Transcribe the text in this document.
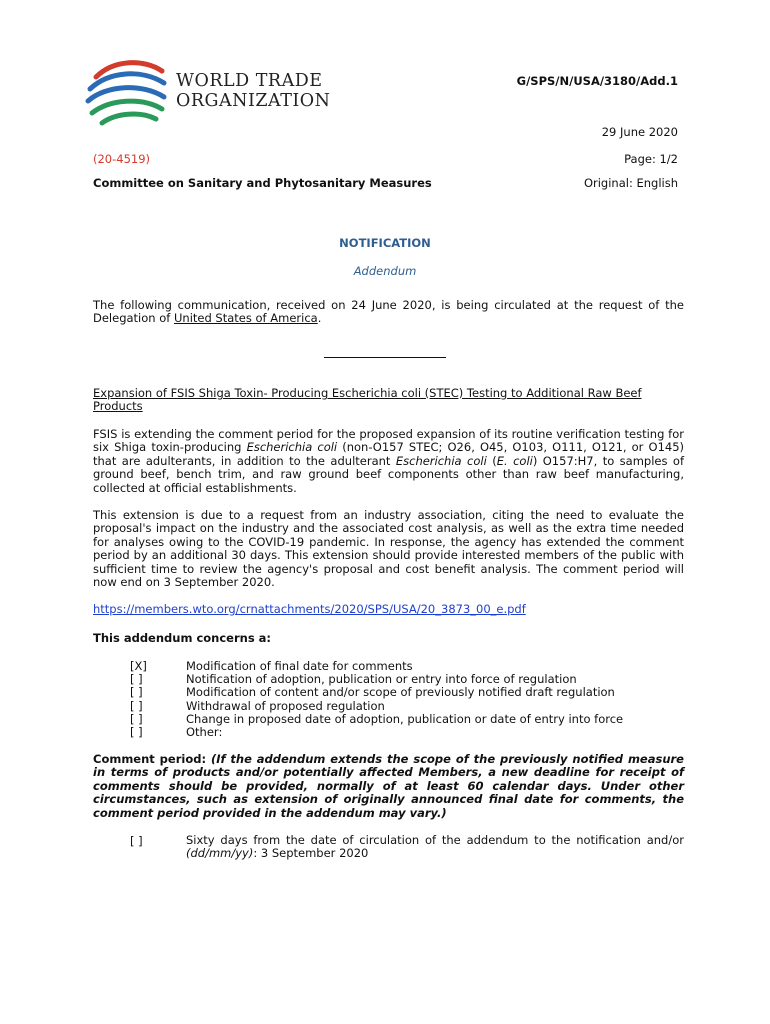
WORLD TRADE
ORGANIZATION
G/SPS/N/USA/3180/Add.1
29 June 2020
(20-4519)	Page: 1/2
Committee on Sanitary and Phytosanitary Measures	Original: English
NOTIFICATION
Addendum
The following communication, received on 24 June 2020, is being circulated at the request of the Delegation of United States of America.
Expansion of FSIS Shiga Toxin- Producing Escherichia coli (STEC) Testing to Additional Raw Beef Products
FSIS is extending the comment period for the proposed expansion of its routine verification testing for six Shiga toxin-producing Escherichia coli (non-O157 STEC; O26, O45, O103, O111, O121, or O145) that are adulterants, in addition to the adulterant Escherichia coli (E. coli) O157:H7, to samples of ground beef, bench trim, and raw ground beef components other than raw beef manufacturing, collected at official establishments.
This extension is due to a request from an industry association, citing the need to evaluate the proposal's impact on the industry and the associated cost analysis, as well as the extra time needed for analyses owing to the COVID-19 pandemic. In response, the agency has extended the comment period by an additional 30 days. This extension should provide interested members of the public with sufficient time to review the agency's proposal and cost benefit analysis. The comment period will now end on 3 September 2020.
https://members.wto.org/crnattachments/2020/SPS/USA/20_3873_00_e.pdf
This addendum concerns a:
[X]	Modification of final date for comments
[ ]	Notification of adoption, publication or entry into force of regulation
[ ]	Modification of content and/or scope of previously notified draft regulation
[ ]	Withdrawal of proposed regulation
[ ]	Change in proposed date of adoption, publication or date of entry into force
[ ]	Other:
Comment period: (If the addendum extends the scope of the previously notified measure in terms of products and/or potentially affected Members, a new deadline for receipt of comments should be provided, normally of at least 60 calendar days. Under other circumstances, such as extension of originally announced final date for comments, the comment period provided in the addendum may vary.)
[ ]	Sixty days from the date of circulation of the addendum to the notification and/or (dd/mm/yy): 3 September 2020
